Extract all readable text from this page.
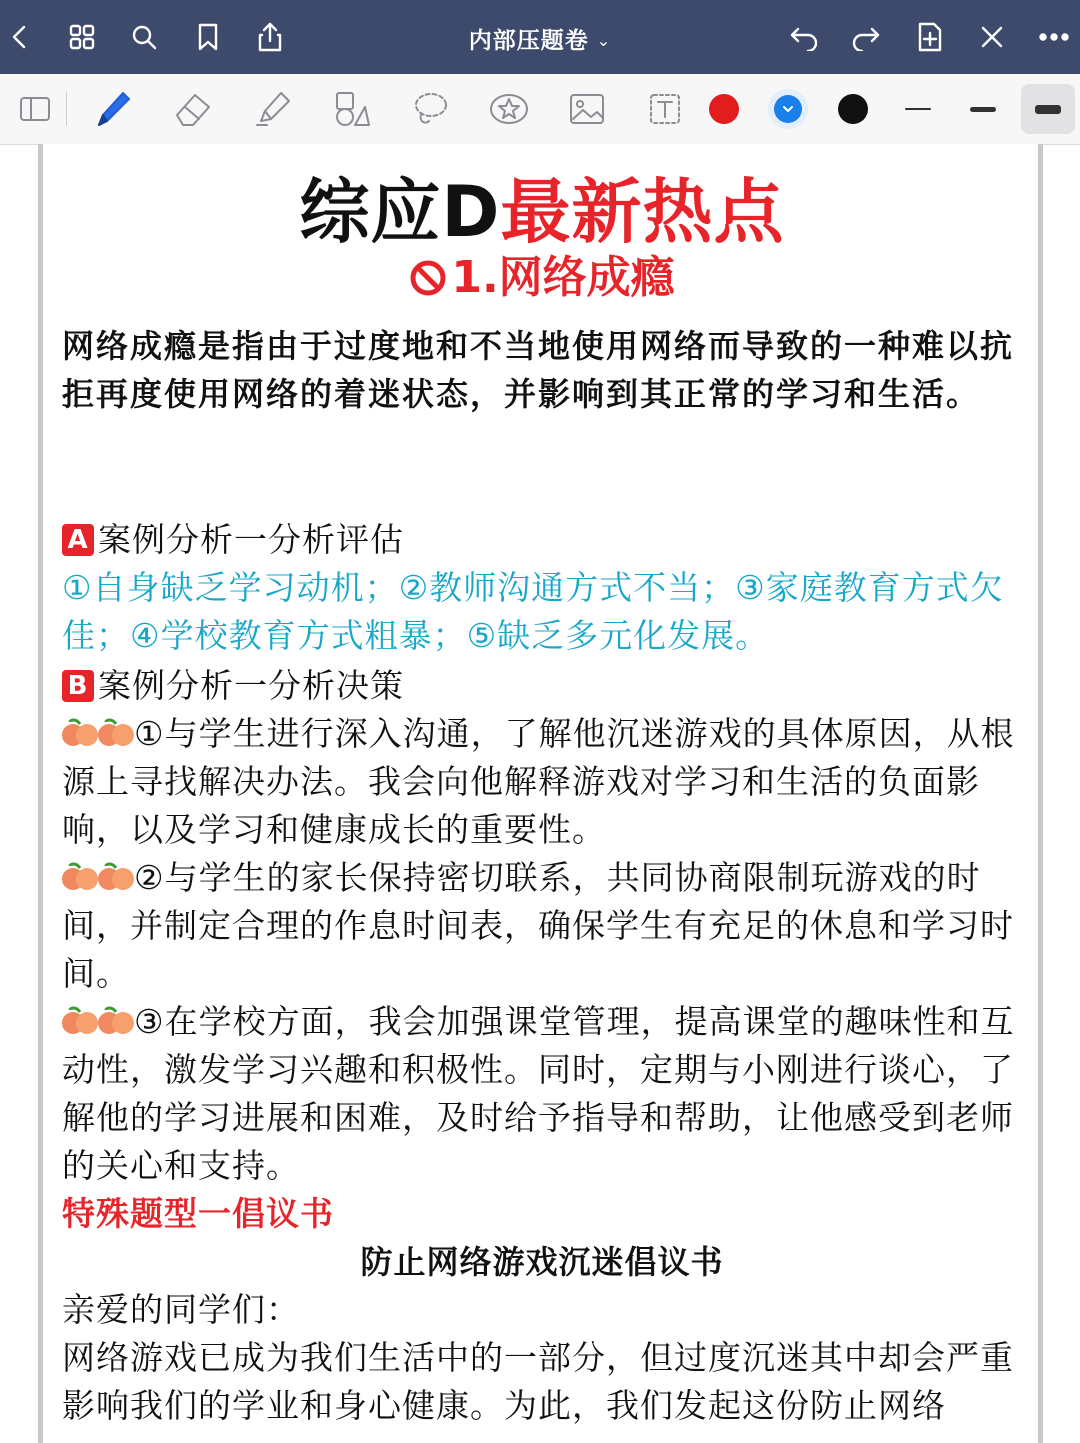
内部压题卷 ⌄
综应D最新热点
1.网络成瘾
网络成瘾是指由于过度地和不当地使用网络而导致的一种难以抗拒再度使用网络的着迷状态，并影响到其正常的学习和生活。
A 案例分析一分析评估
①自身缺乏学习动机；②教师沟通方式不当；③家庭教育方式欠佳；④学校教育方式粗暴；⑤缺乏多元化发展。
B 案例分析一分析决策
①与学生进行深入沟通，了解他沉迷游戏的具体原因，从根源上寻找解决办法。我会向他解释游戏对学习和生活的负面影响，以及学习和健康成长的重要性。
②与学生的家长保持密切联系，共同协商限制玩游戏的时间，并制定合理的作息时间表，确保学生有充足的休息和学习时间。
③在学校方面，我会加强课堂管理，提高课堂的趣味性和互动性，激发学习兴趣和积极性。同时，定期与小刚进行谈心，了解他的学习进展和困难，及时给予指导和帮助，让他感受到老师的关心和支持。
特殊题型一倡议书
防止网络游戏沉迷倡议书
亲爱的同学们：
网络游戏已成为我们生活中的一部分，但过度沉迷其中却会严重影响我们的学业和身心健康。为此，我们发起这份防止网络
